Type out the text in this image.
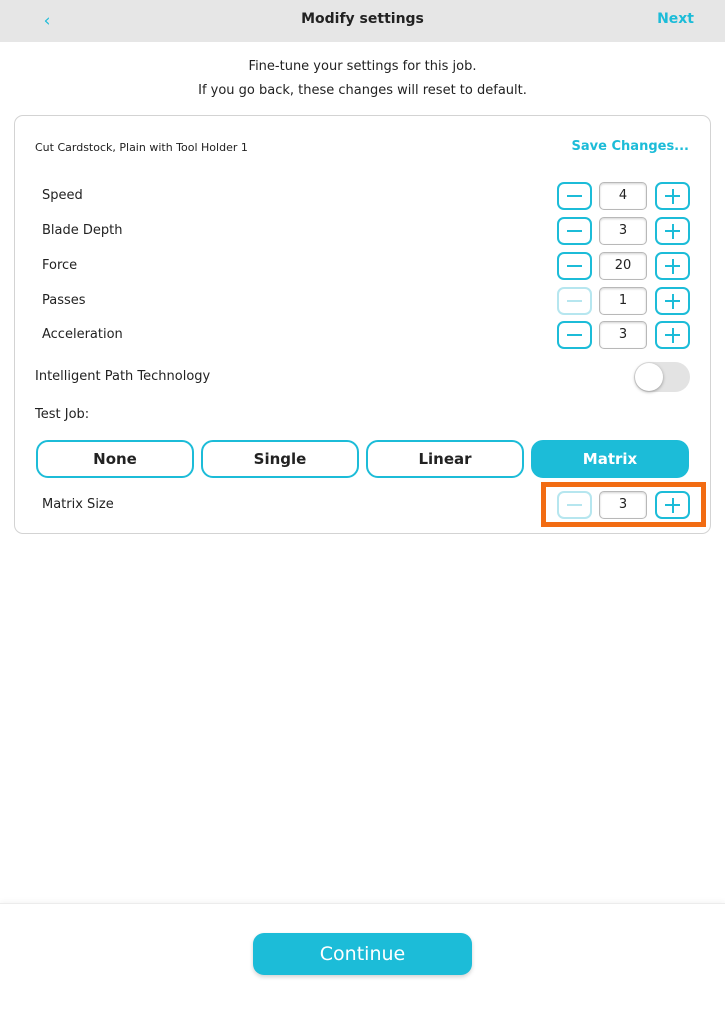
‹	Modify settings	Next
Fine-tune your settings for this job.
If you go back, these changes will reset to default.
Cut Cardstock, Plain with Tool Holder 1	Save Changes...
Speed	4
Blade Depth	3
Force	20
Passes	1
Acceleration	3
Intelligent Path Technology
Test Job:
None	Single	Linear	Matrix
Matrix Size	3
Continue
